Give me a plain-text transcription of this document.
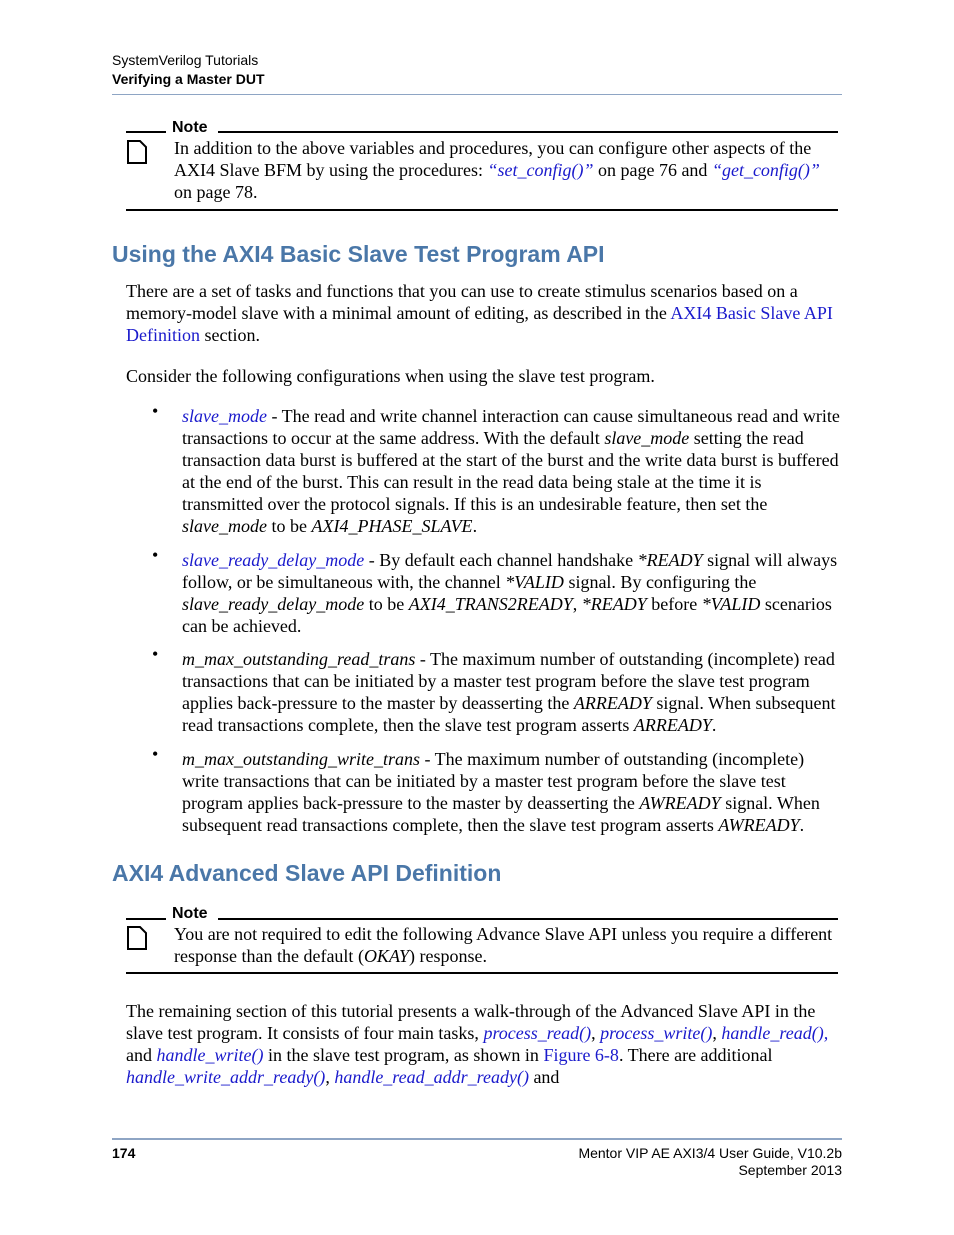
SystemVerilog Tutorials
Verifying a Master DUT
Note
In addition to the above variables and procedures, you can configure other aspects of the AXI4 Slave BFM by using the procedures: “set_config()” on page 76 and “get_config()” on page 78.
Using the AXI4 Basic Slave Test Program API
There are a set of tasks and functions that you can use to create stimulus scenarios based on a memory-model slave with a minimal amount of editing, as described in the AXI4 Basic Slave API Definition section.
Consider the following configurations when using the slave test program.
• slave_mode - The read and write channel interaction can cause simultaneous read and write transactions to occur at the same address. With the default slave_mode setting the read transaction data burst is buffered at the start of the burst and the write data burst is buffered at the end of the burst. This can result in the read data being stale at the time it is transmitted over the protocol signals. If this is an undesirable feature, then set the slave_mode to be AXI4_PHASE_SLAVE.
• slave_ready_delay_mode - By default each channel handshake *READY signal will always follow, or be simultaneous with, the channel *VALID signal. By configuring the slave_ready_delay_mode to be AXI4_TRANS2READY, *READY before *VALID scenarios can be achieved.
• m_max_outstanding_read_trans - The maximum number of outstanding (incomplete) read transactions that can be initiated by a master test program before the slave test program applies back-pressure to the master by deasserting the ARREADY signal. When subsequent read transactions complete, then the slave test program asserts ARREADY.
• m_max_outstanding_write_trans - The maximum number of outstanding (incomplete) write transactions that can be initiated by a master test program before the slave test program applies back-pressure to the master by deasserting the AWREADY signal. When subsequent read transactions complete, then the slave test program asserts AWREADY.
AXI4 Advanced Slave API Definition
Note
You are not required to edit the following Advance Slave API unless you require a different response than the default (OKAY) response.
The remaining section of this tutorial presents a walk-through of the Advanced Slave API in the slave test program. It consists of four main tasks, process_read(), process_write(), handle_read(), and handle_write() in the slave test program, as shown in Figure 6-8. There are additional handle_write_addr_ready(), handle_read_addr_ready() and
174	Mentor VIP AE AXI3/4 User Guide, V10.2b
September 2013
